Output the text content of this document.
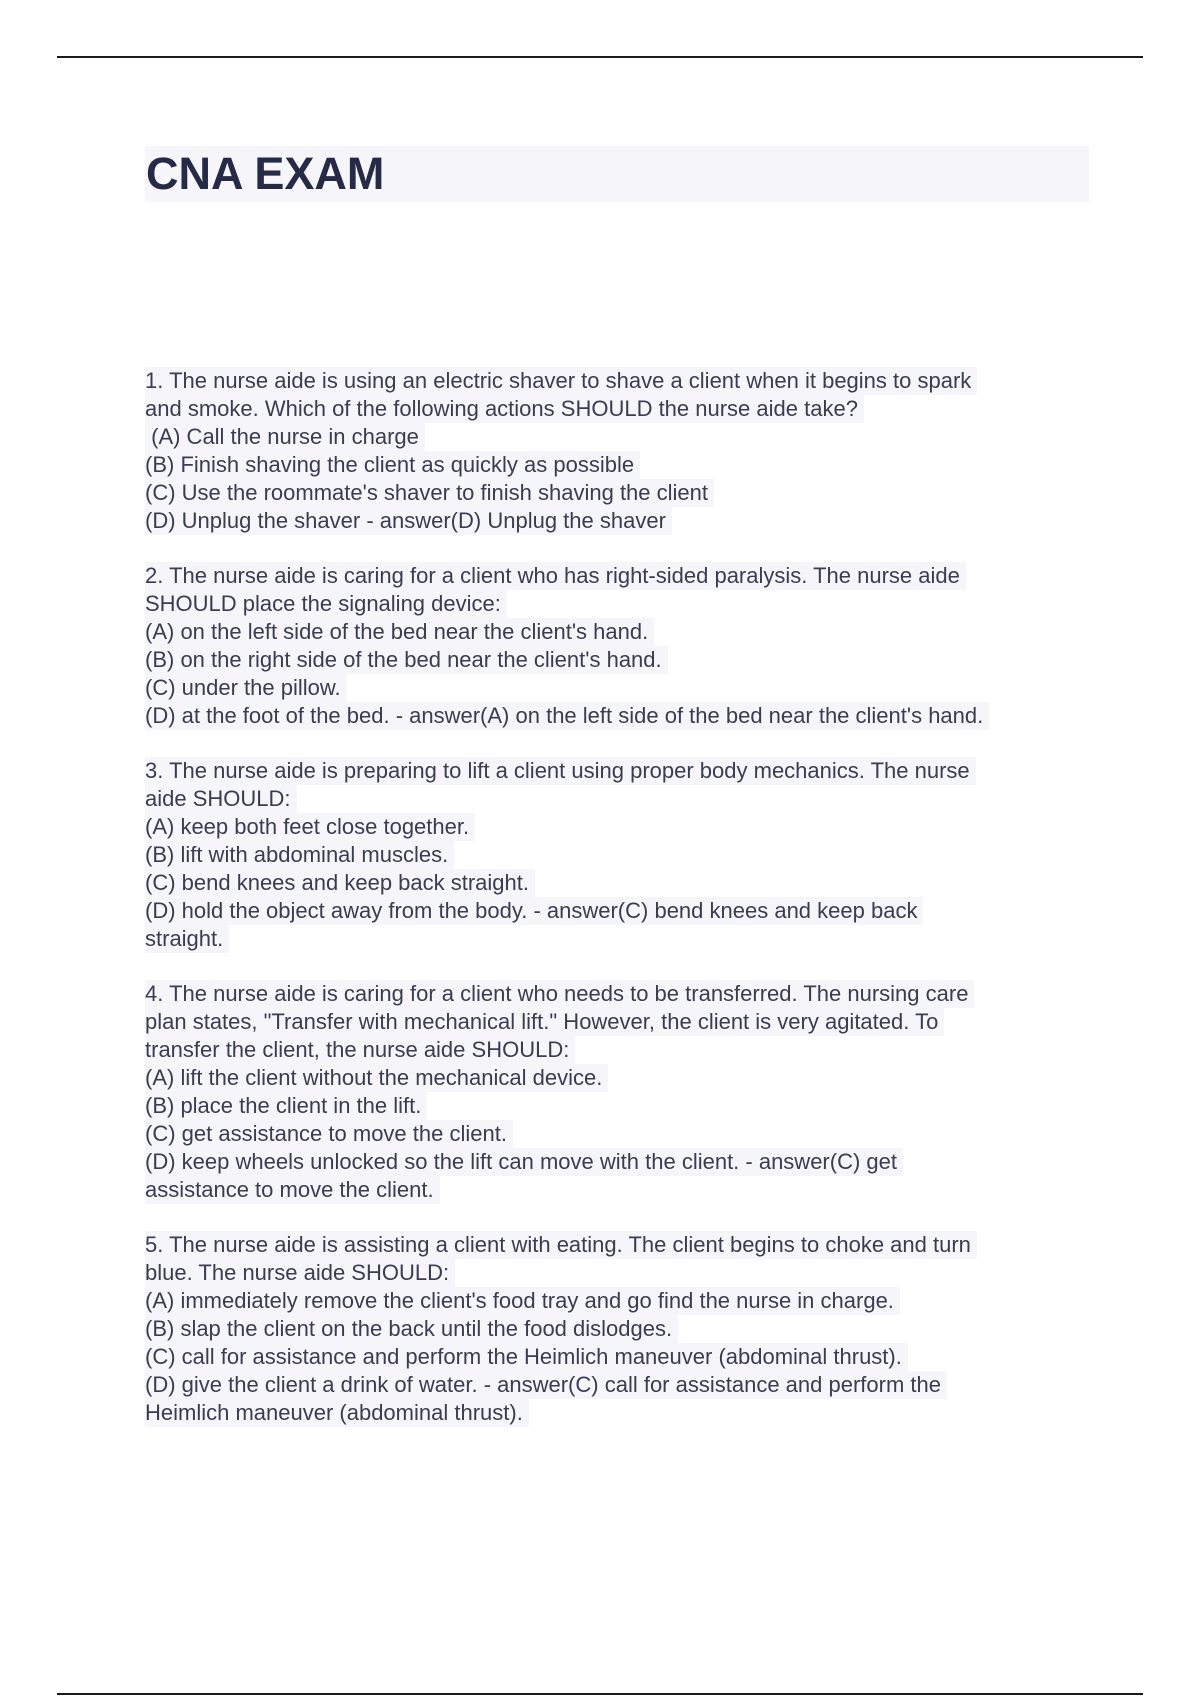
CNA EXAM
1. The nurse aide is using an electric shaver to shave a client when it begins to spark
and smoke. Which of the following actions SHOULD the nurse aide take?
(A) Call the nurse in charge
(B) Finish shaving the client as quickly as possible
(C) Use the roommate's shaver to finish shaving the client
(D) Unplug the shaver - answer(D) Unplug the shaver
2. The nurse aide is caring for a client who has right-sided paralysis. The nurse aide
SHOULD place the signaling device:
(A) on the left side of the bed near the client's hand.
(B) on the right side of the bed near the client's hand.
(C) under the pillow.
(D) at the foot of the bed. - answer(A) on the left side of the bed near the client's hand.
3. The nurse aide is preparing to lift a client using proper body mechanics. The nurse
aide SHOULD:
(A) keep both feet close together.
(B) lift with abdominal muscles.
(C) bend knees and keep back straight.
(D) hold the object away from the body. - answer(C) bend knees and keep back
straight.
4. The nurse aide is caring for a client who needs to be transferred. The nursing care
plan states, "Transfer with mechanical lift." However, the client is very agitated. To
transfer the client, the nurse aide SHOULD:
(A) lift the client without the mechanical device.
(B) place the client in the lift.
(C) get assistance to move the client.
(D) keep wheels unlocked so the lift can move with the client. - answer(C) get
assistance to move the client.
5. The nurse aide is assisting a client with eating. The client begins to choke and turn
blue. The nurse aide SHOULD:
(A) immediately remove the client's food tray and go find the nurse in charge.
(B) slap the client on the back until the food dislodges.
(C) call for assistance and perform the Heimlich maneuver (abdominal thrust).
(D) give the client a drink of water. - answer(C) call for assistance and perform the
Heimlich maneuver (abdominal thrust).
